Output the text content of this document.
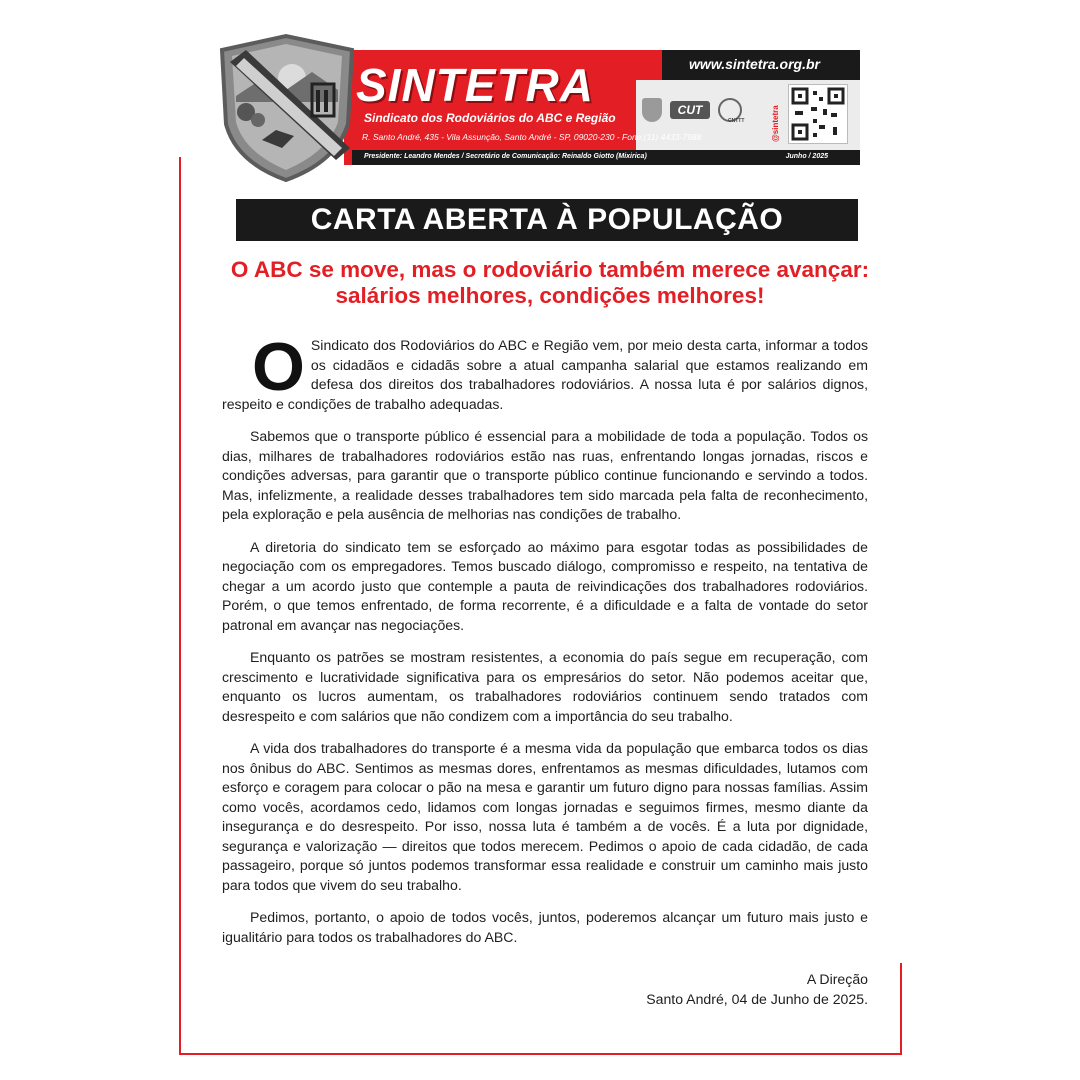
www.sintetra.org.br
SINTETRA
Sindicato dos Rodoviários do ABC e Região
R. Santo André, 435 - Vila Assunção, Santo André - SP, 09020-230 - Fone:(11) 4433-7988
CUT
CNTTT	@sintetra
Presidente: Leandro Mendes / Secretário de Comunicação: Reinaldo Giotto (Mixirica)	Junho / 2025
CARTA ABERTA À POPULAÇÃO
O ABC se move, mas o rodoviário também merece avançar: salários melhores, condições melhores!

O Sindicato dos Rodoviários do ABC e Região vem, por meio desta carta, informar a todos os cidadãos e cidadãs sobre a atual campanha salarial que estamos realizando em defesa dos direitos dos trabalhadores rodoviários. A nossa luta é por salários dignos, respeito e condições de trabalho adequadas.

Sabemos que o transporte público é essencial para a mobilidade de toda a população. Todos os dias, milhares de trabalhadores rodoviários estão nas ruas, enfrentando longas jornadas, riscos e condições adversas, para garantir que o transporte público continue funcionando e servindo a todos. Mas, infelizmente, a realidade desses trabalhadores tem sido marcada pela falta de reconhecimento, pela exploração e pela ausência de melhorias nas condições de trabalho.

A diretoria do sindicato tem se esforçado ao máximo para esgotar todas as possibilidades de negociação com os empregadores. Temos buscado diálogo, compromisso e respeito, na tentativa de chegar a um acordo justo que contemple a pauta de reivindicações dos trabalhadores rodoviários. Porém, o que temos enfrentado, de forma recorrente, é a dificuldade e a falta de vontade do setor patronal em avançar nas negociações.

Enquanto os patrões se mostram resistentes, a economia do país segue em recuperação, com crescimento e lucratividade significativa para os empresários do setor. Não podemos aceitar que, enquanto os lucros aumentam, os trabalhadores rodoviários continuem sendo tratados com desrespeito e com salários que não condizem com a importância do seu trabalho.

A vida dos trabalhadores do transporte é a mesma vida da população que embarca todos os dias nos ônibus do ABC. Sentimos as mesmas dores, enfrentamos as mesmas dificuldades, lutamos com esforço e coragem para colocar o pão na mesa e garantir um futuro digno para nossas famílias. Assim como vocês, acordamos cedo, lidamos com longas jornadas e seguimos firmes, mesmo diante da insegurança e do desrespeito. Por isso, nossa luta é também a de vocês. É a luta por dignidade, segurança e valorização — direitos que todos merecem. Pedimos o apoio de cada cidadão, de cada passageiro, porque só juntos podemos transformar essa realidade e construir um caminho mais justo para todos que vivem do seu trabalho.

Pedimos, portanto, o apoio de todos vocês, juntos, poderemos alcançar um futuro mais justo e igualitário para todos os trabalhadores do ABC.

A Direção
Santo André, 04 de Junho de 2025.
